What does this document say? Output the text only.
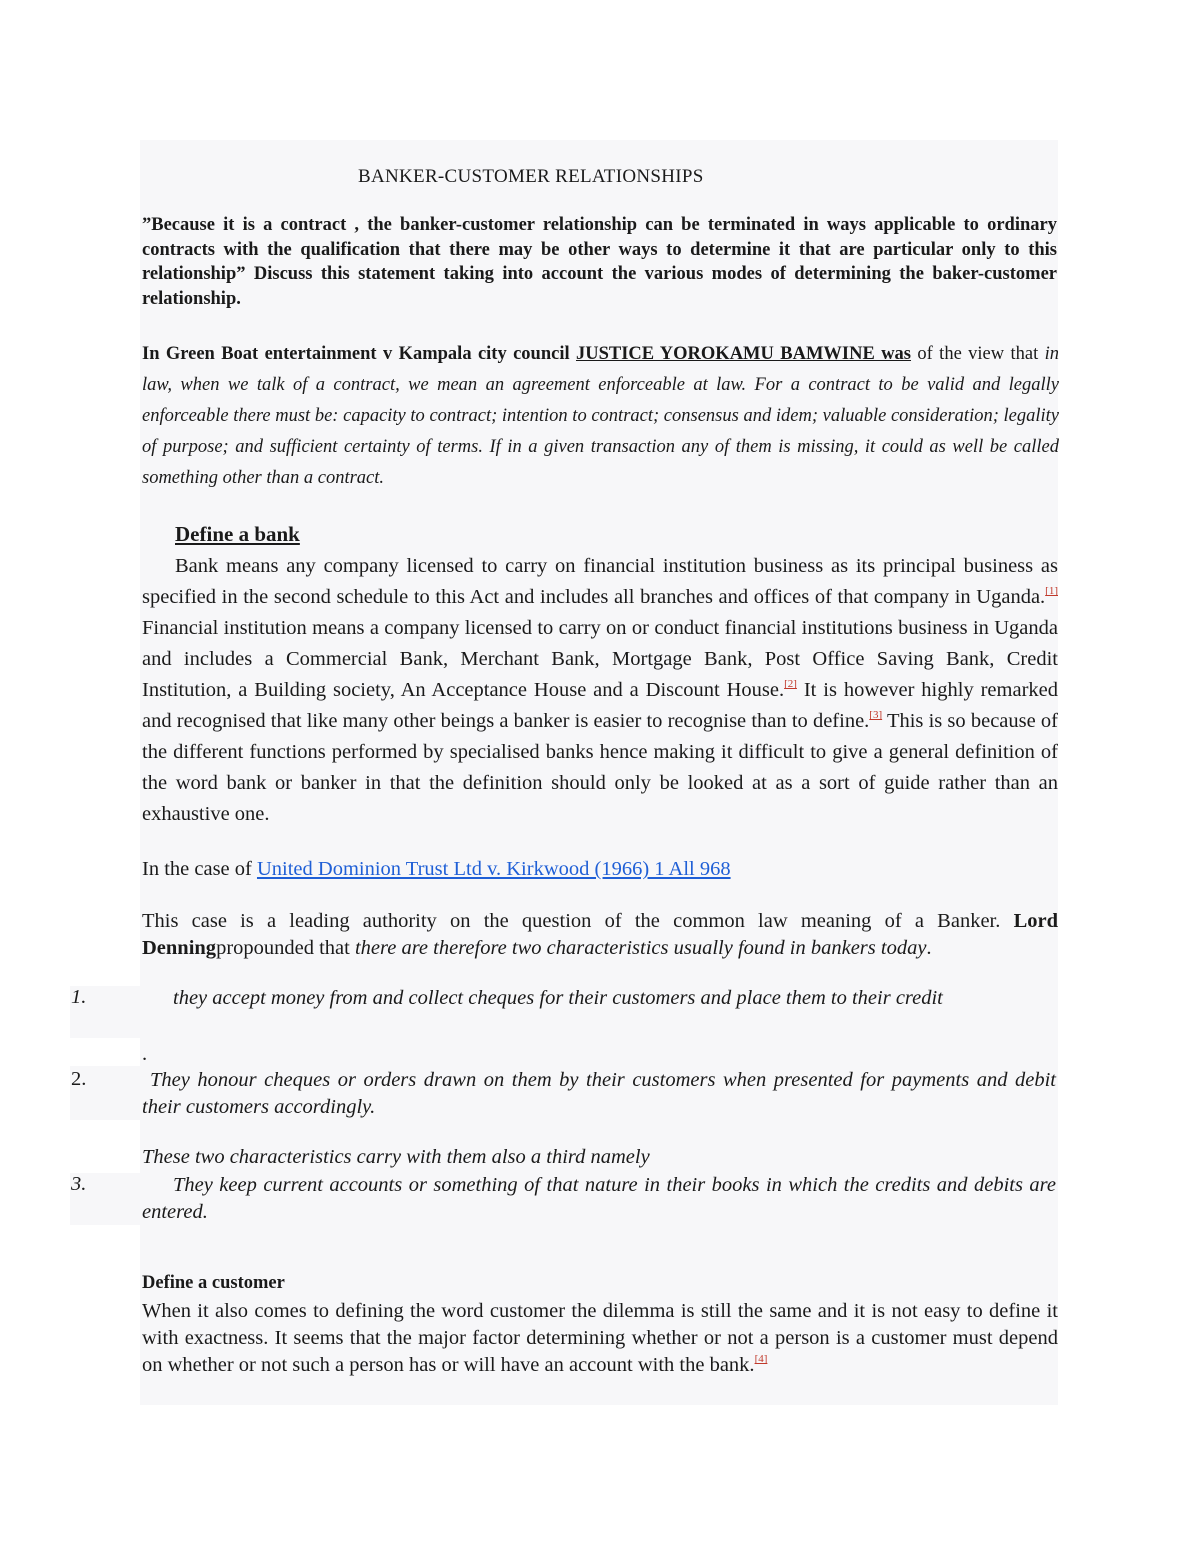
BANKER-CUSTOMER RELATIONSHIPS

”Because it is a contract , the banker-customer relationship can be terminated in ways applicable to ordinary contracts with the qualification that there may be other ways to determine it that are particular only to this relationship” Discuss this statement taking into account the various modes of determining the baker-customer relationship.

In Green Boat entertainment v Kampala city council JUSTICE YOROKAMU BAMWINE was of the view that in law, when we talk of a contract, we mean an agreement enforceable at law. For a contract to be valid and legally enforceable there must be: capacity to contract; intention to contract; consensus and idem; valuable consideration; legality of purpose; and sufficient certainty of terms. If in a given transaction any of them is missing, it could as well be called something other than a contract.

Define a bank

Bank means any company licensed to carry on financial institution business as its principal business as specified in the second schedule to this Act and includes all branches and offices of that company in Uganda.[1] Financial institution means a company licensed to carry on or conduct financial institutions business in Uganda and includes a Commercial Bank, Merchant Bank, Mortgage Bank, Post Office Saving Bank, Credit Institution, a Building society, An Acceptance House and a Discount House.[2] It is however highly remarked and recognised that like many other beings a banker is easier to recognise than to define.[3] This is so because of the different functions performed by specialised banks hence making it difficult to give a general definition of the word bank or banker in that the definition should only be looked at as a sort of guide rather than an exhaustive one.

In the case of United Dominion Trust Ltd v. Kirkwood (1966) 1 All 968

This case is a leading authority on the question of the common law meaning of a Banker. Lord Denningpropounded that there are therefore two characteristics usually found in bankers today.

1.	they accept money from and collect cheques for their customers and place them to their credit

.
2.	They honour cheques or orders drawn on them by their customers when presented for payments and debit their customers accordingly.

These two characteristics carry with them also a third namely
3.	They keep current accounts or something of that nature in their books in which the credits and debits are entered.

Define a customer

When it also comes to defining the word customer the dilemma is still the same and it is not easy to define it with exactness. It seems that the major factor determining whether or not a person is a customer must depend on whether or not such a person has or will have an account with the bank.[4]
